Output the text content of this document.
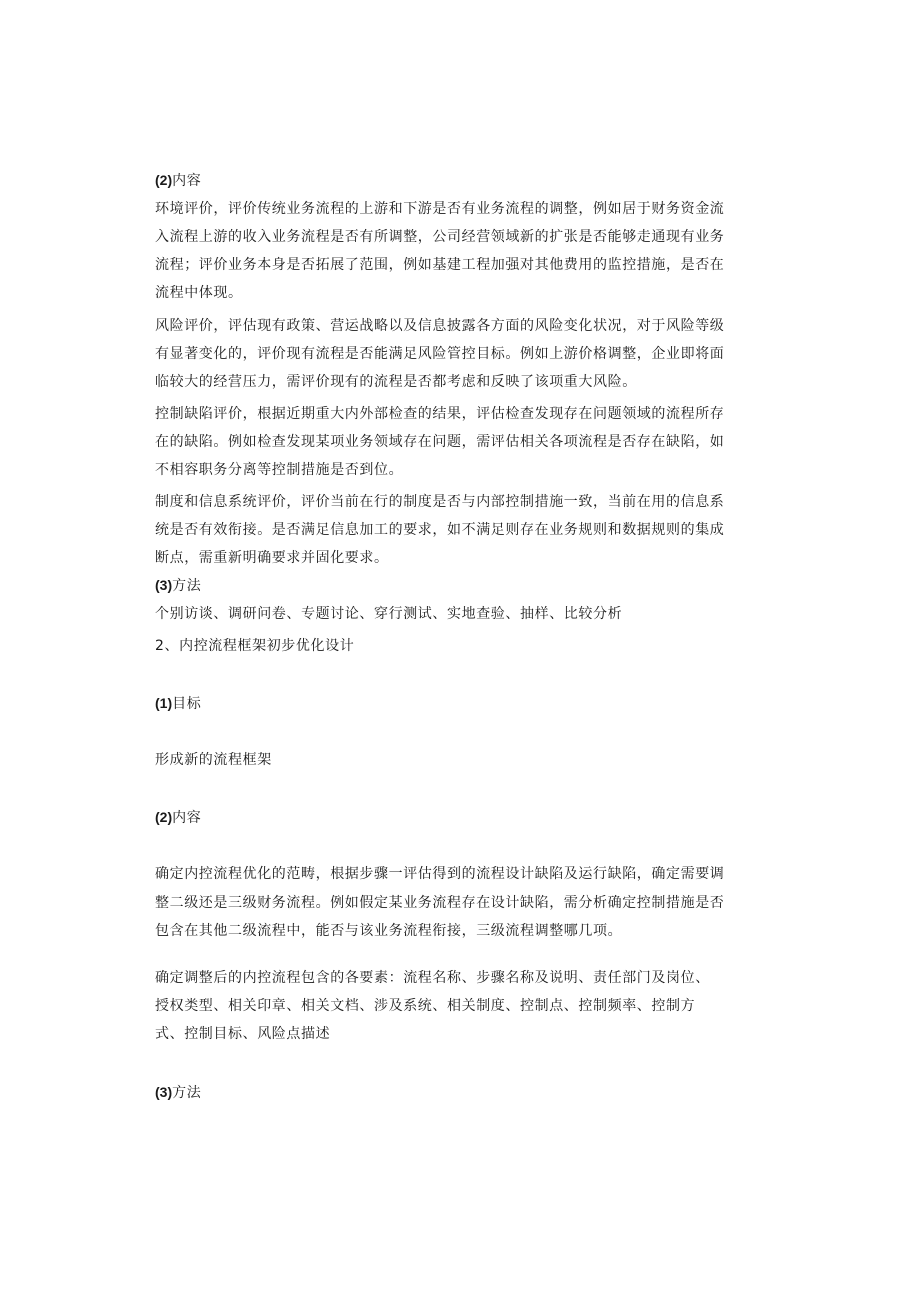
(2)内容
环境评价，评价传统业务流程的上游和下游是否有业务流程的调整，例如居于财务资金流
入流程上游的收入业务流程是否有所调整，公司经营领域新的扩张是否能够走通现有业务
流程；评价业务本身是否拓展了范围，例如基建工程加强对其他费用的监控措施，是否在
流程中体现。
风险评价，评估现有政策、营运战略以及信息披露各方面的风险变化状况，对于风险等级
有显著变化的，评价现有流程是否能满足风险管控目标。例如上游价格调整，企业即将面
临较大的经营压力，需评价现有的流程是否都考虑和反映了该项重大风险。
控制缺陷评价，根据近期重大内外部检查的结果，评估检查发现存在问题领域的流程所存
在的缺陷。例如检查发现某项业务领域存在问题，需评估相关各项流程是否存在缺陷，如
不相容职务分离等控制措施是否到位。
制度和信息系统评价，评价当前在行的制度是否与内部控制措施一致，当前在用的信息系
统是否有效衔接。是否满足信息加工的要求，如不满足则存在业务规则和数据规则的集成
断点，需重新明确要求并固化要求。
(3)方法
个别访谈、调研问卷、专题讨论、穿行测试、实地查验、抽样、比较分析
2、内控流程框架初步优化设计
(1)目标
形成新的流程框架
(2)内容
确定内控流程优化的范畴，根据步骤一评估得到的流程设计缺陷及运行缺陷，确定需要调
整二级还是三级财务流程。例如假定某业务流程存在设计缺陷，需分析确定控制措施是否
包含在其他二级流程中，能否与该业务流程衔接，三级流程调整哪几项。
确定调整后的内控流程包含的各要素：流程名称、步骤名称及说明、责任部门及岗位、
授权类型、相关印章、相关文档、涉及系统、相关制度、控制点、控制频率、控制方
式、控制目标、风险点描述
(3)方法
